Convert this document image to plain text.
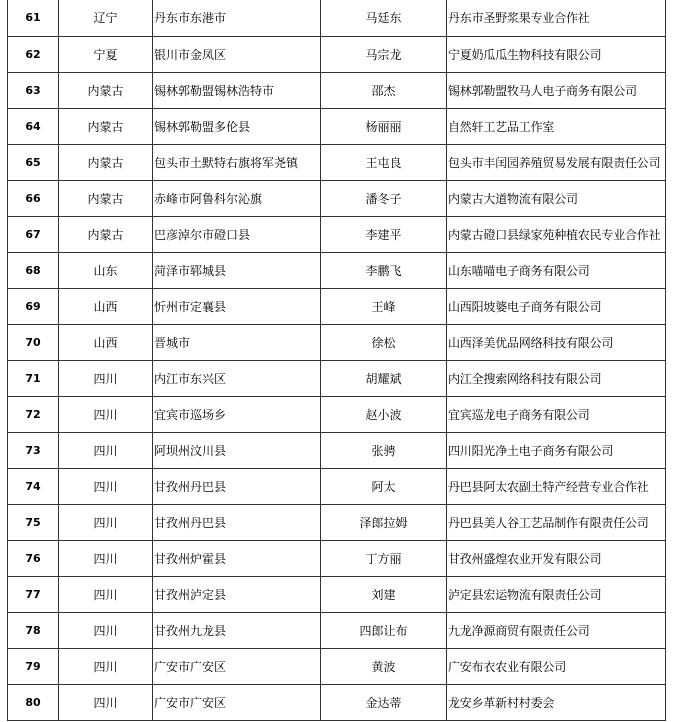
61	辽宁	丹东市东港市	马廷东	丹东市圣野浆果专业合作社
62	宁夏	银川市金凤区	马宗龙	宁夏奶瓜瓜生物科技有限公司
63	内蒙古	锡林郭勒盟锡林浩特市	邵杰	锡林郭勒盟牧马人电子商务有限公司
64	内蒙古	锡林郭勒盟多伦县	杨丽丽	自然轩工艺品工作室
65	内蒙古	包头市土默特右旗将军尧镇	王屯良	包头市丰闰园养殖贸易发展有限责任公司
66	内蒙古	赤峰市阿鲁科尔沁旗	潘冬子	内蒙古大道物流有限公司
67	内蒙古	巴彦淖尔市磴口县	李建平	内蒙古磴口县绿家苑种植农民专业合作社
68	山东	菏泽市郓城县	李鹏飞	山东喵喵电子商务有限公司
69	山西	忻州市定襄县	王峰	山西阳坡婆电子商务有限公司
70	山西	晋城市	徐松	山西泽美优品网络科技有限公司
71	四川	内江市东兴区	胡耀斌	内江全搜索网络科技有限公司
72	四川	宜宾市巡场乡	赵小波	宜宾巡龙电子商务有限公司
73	四川	阿坝州汶川县	张骋	四川阳光净土电子商务有限公司
74	四川	甘孜州丹巴县	阿太	丹巴县阿太农副土特产经营专业合作社
75	四川	甘孜州丹巴县	泽郎拉姆	丹巴县美人谷工艺品制作有限责任公司
76	四川	甘孜州炉霍县	丁方丽	甘孜州盛煌农业开发有限公司
77	四川	甘孜州泸定县	刘建	泸定县宏运物流有限责任公司
78	四川	甘孜州九龙县	四郎让布	九龙净源商贸有限责任公司
79	四川	广安市广安区	黄波	广安布衣农业有限公司
80	四川	广安市广安区	金达蒂	龙安乡革新村村委会
